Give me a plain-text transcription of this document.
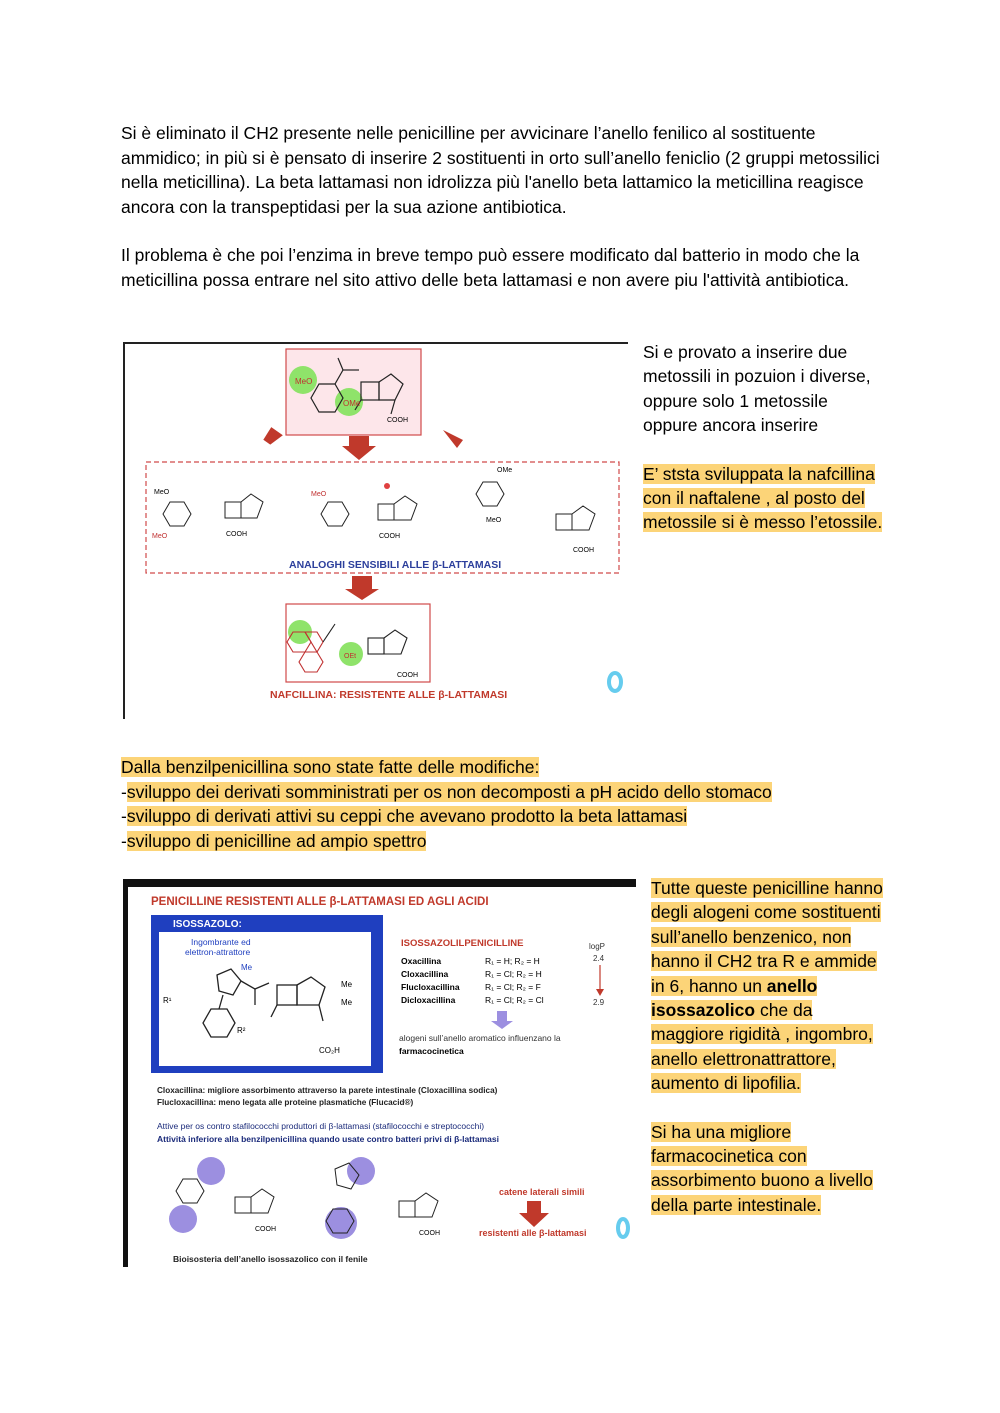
Si è eliminato il CH2 presente nelle penicilline per avvicinare l’anello fenilico al sostituente ammidico; in più si è pensato di inserire 2 sostituenti in orto sull’anello feniclio (2 gruppi metossilici nella meticillina). La beta lattamasi non idrolizza più l'anello beta lattamico la meticillina reagisce ancora con la transpeptidasi per la sua azione antibiotica.

Il problema è che poi l’enzima in breve tempo può essere modificato dal batterio in modo che la meticillina possa entrare nel sito attivo delle beta lattamasi e non avere piu l'attività antibiotica.

MeO
OMe
COOH
MeO
MeO
MeO
OMe
MeO
COOH	COOH
COOH
ANALOGHI SENSIBILI ALLE β-LATTAMASI
OEt
COOH
NAFCILLINA: RESISTENTE ALLE β-LATTAMASI

Si e provato a inserire due metossili in pozuion i diverse, oppure solo 1 metossile oppure ancora inserire

E’ ststa sviluppata la nafcillina con il naftalene , al posto del metossile si è messo l’etossile.

Dalla benzilpenicillina sono state fatte delle modifiche:
-sviluppo dei derivati somministrati per os non decomposti a pH acido dello stomaco
-sviluppo di derivati attivi su ceppi che avevano prodotto la beta lattamasi
-sviluppo di penicilline ad ampio spettro
R¹
R²
Me
Me
Me
CO₂H
PENICILLINE RESISTENTI ALLE β-LATTAMASI ED AGLI ACIDI
ISOSSAZOLO:
Ingombrante ed
elettron-attrattore
ISOSSAZOLILPENICILLINE	logP
2.4
2.9
Oxacillina	R₁ = H; R₂ = H
Cloxacillina	R₁ = Cl; R₂ = H
Flucloxacillina	R₁ = Cl; R₂ = F
Dicloxacillina	R₁ = Cl; R₂ = Cl
alogeni sull’anello aromatico influenzano la
farmacocinetica
Cloxacillina: migliore assorbimento attraverso la parete intestinale (Cloxacillina sodica)
Flucloxacillina: meno legata alle proteine plasmatiche (Flucacid®)
Attive per os contro stafilococchi produttori di β-lattamasi (stafilococchi e streptococchi)
Attività inferiore alla benzilpenicillina quando usate contro batteri privi di β-lattamasi
COOH
COOH
catene laterali simili
resistenti alle β-lattamasi
Bioisosteria dell’anello isossazolico con il fenile

Tutte queste penicilline hanno degli alogeni come sostituenti sull’anello benzenico, non hanno il CH2 tra R e ammide in 6, hanno un anello isossazolico che da maggiore rigidità , ingombro, anello elettronattrattore, aumento di lipofilia.

Si ha una migliore farmacocinetica con assorbimento buono a livello della parte intestinale.
